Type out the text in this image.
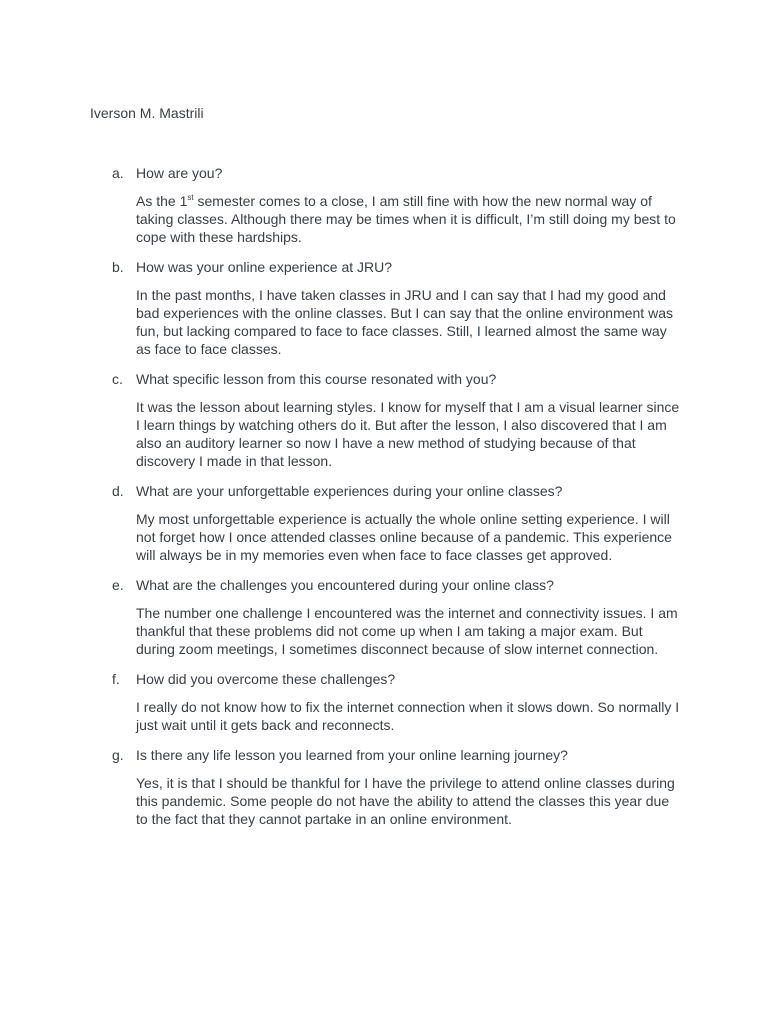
Iverson M. Mastrili
a. How are you?
As the 1st semester comes to a close, I am still fine with how the new normal way of taking classes. Although there may be times when it is difficult, I’m still doing my best to cope with these hardships.
b. How was your online experience at JRU?
In the past months, I have taken classes in JRU and I can say that I had my good and bad experiences with the online classes. But I can say that the online environment was fun, but lacking compared to face to face classes. Still, I learned almost the same way as face to face classes.
c. What specific lesson from this course resonated with you?
It was the lesson about learning styles. I know for myself that I am a visual learner since I learn things by watching others do it. But after the lesson, I also discovered that I am also an auditory learner so now I have a new method of studying because of that discovery I made in that lesson.
d. What are your unforgettable experiences during your online classes?
My most unforgettable experience is actually the whole online setting experience. I will not forget how I once attended classes online because of a pandemic. This experience will always be in my memories even when face to face classes get approved.
e. What are the challenges you encountered during your online class?
The number one challenge I encountered was the internet and connectivity issues. I am thankful that these problems did not come up when I am taking a major exam. But during zoom meetings, I sometimes disconnect because of slow internet connection.
f.	How did you overcome these challenges?
I really do not know how to fix the internet connection when it slows down. So normally I just wait until it gets back and reconnects.
g. Is there any life lesson you learned from your online learning journey?
Yes, it is that I should be thankful for I have the privilege to attend online classes during this pandemic. Some people do not have the ability to attend the classes this year due to the fact that they cannot partake in an online environment.
